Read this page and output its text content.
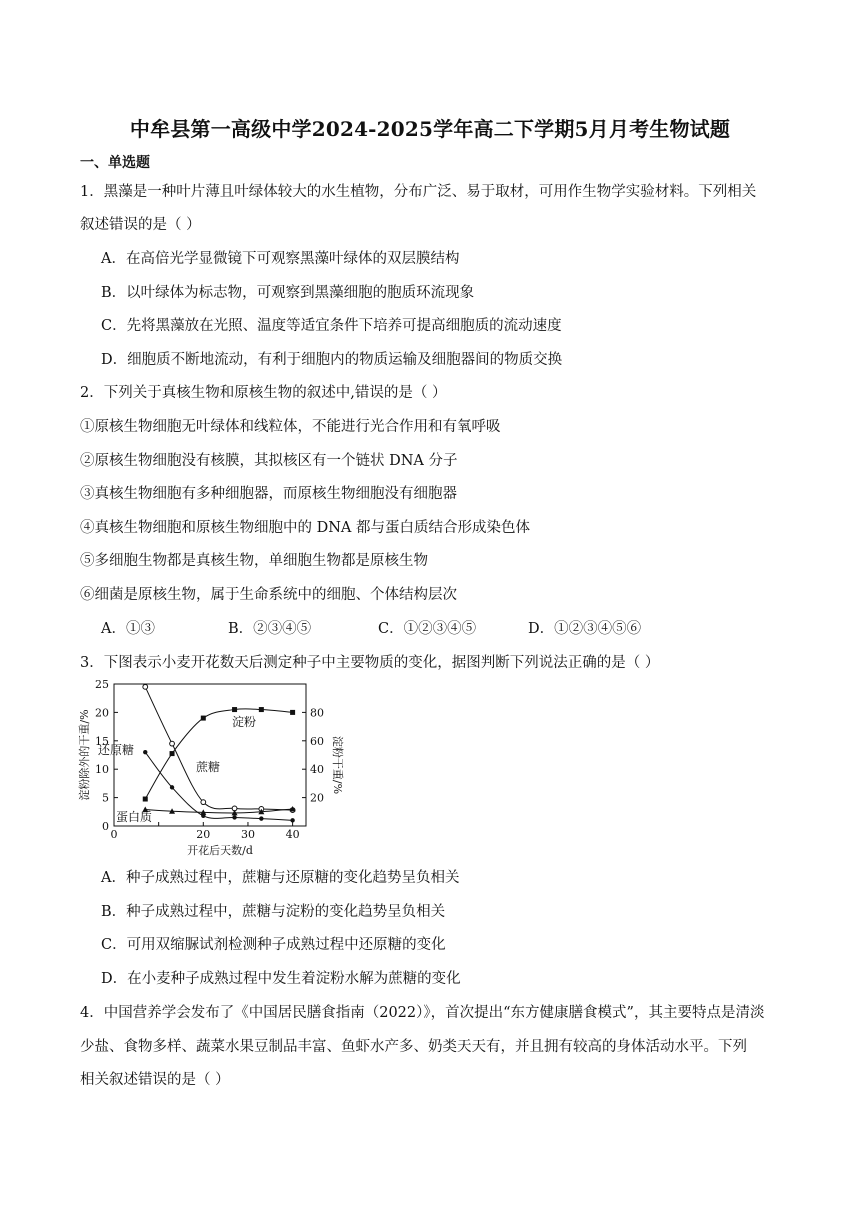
中牟县第一高级中学2024-2025学年高二下学期5月月考生物试题
一、单选题
1．黑藻是一种叶片薄且叶绿体较大的水生植物，分布广泛、易于取材，可用作生物学实验材料。下列相关
叙述错误的是（ ）
A．在高倍光学显微镜下可观察黑藻叶绿体的双层膜结构
B．以叶绿体为标志物，可观察到黑藻细胞的胞质环流现象
C．先将黑藻放在光照、温度等适宜条件下培养可提高细胞质的流动速度
D．细胞质不断地流动，有利于细胞内的物质运输及细胞器间的物质交换
2．下列关于真核生物和原核生物的叙述中,错误的是（ ）
①原核生物细胞无叶绿体和线粒体，不能进行光合作用和有氧呼吸
②原核生物细胞没有核膜，其拟核区有一个链状 DNA 分子
③真核生物细胞有多种细胞器，而原核生物细胞没有细胞器
④真核生物细胞和原核生物细胞中的 DNA 都与蛋白质结合形成染色体
⑤多细胞生物都是真核生物，单细胞生物都是原核生物
⑥细菌是原核生物，属于生命系统中的细胞、个体结构层次
A．①③	B．②③④⑤	C．①②③④⑤	D．①②③④⑤⑥
3．下图表示小麦开花数天后测定种子中主要物质的变化，据图判断下列说法正确的是（ ）
0
5
10
15
20
25
20
40
60
80
0	20	30	40
开花后天数/d
淀粉除外的干重/%	淀粉干重/%
淀粉
蔗糖
还原糖
蛋白质
A．种子成熟过程中，蔗糖与还原糖的变化趋势呈负相关
B．种子成熟过程中，蔗糖与淀粉的变化趋势呈负相关
C．可用双缩脲试剂检测种子成熟过程中还原糖的变化
D．在小麦种子成熟过程中发生着淀粉水解为蔗糖的变化
4．中国营养学会发布了《中国居民膳食指南（2022）》，首次提出“东方健康膳食模式”，其主要特点是清淡
少盐、食物多样、蔬菜水果豆制品丰富、鱼虾水产多、奶类天天有，并且拥有较高的身体活动水平。下列
相关叙述错误的是（ ）
